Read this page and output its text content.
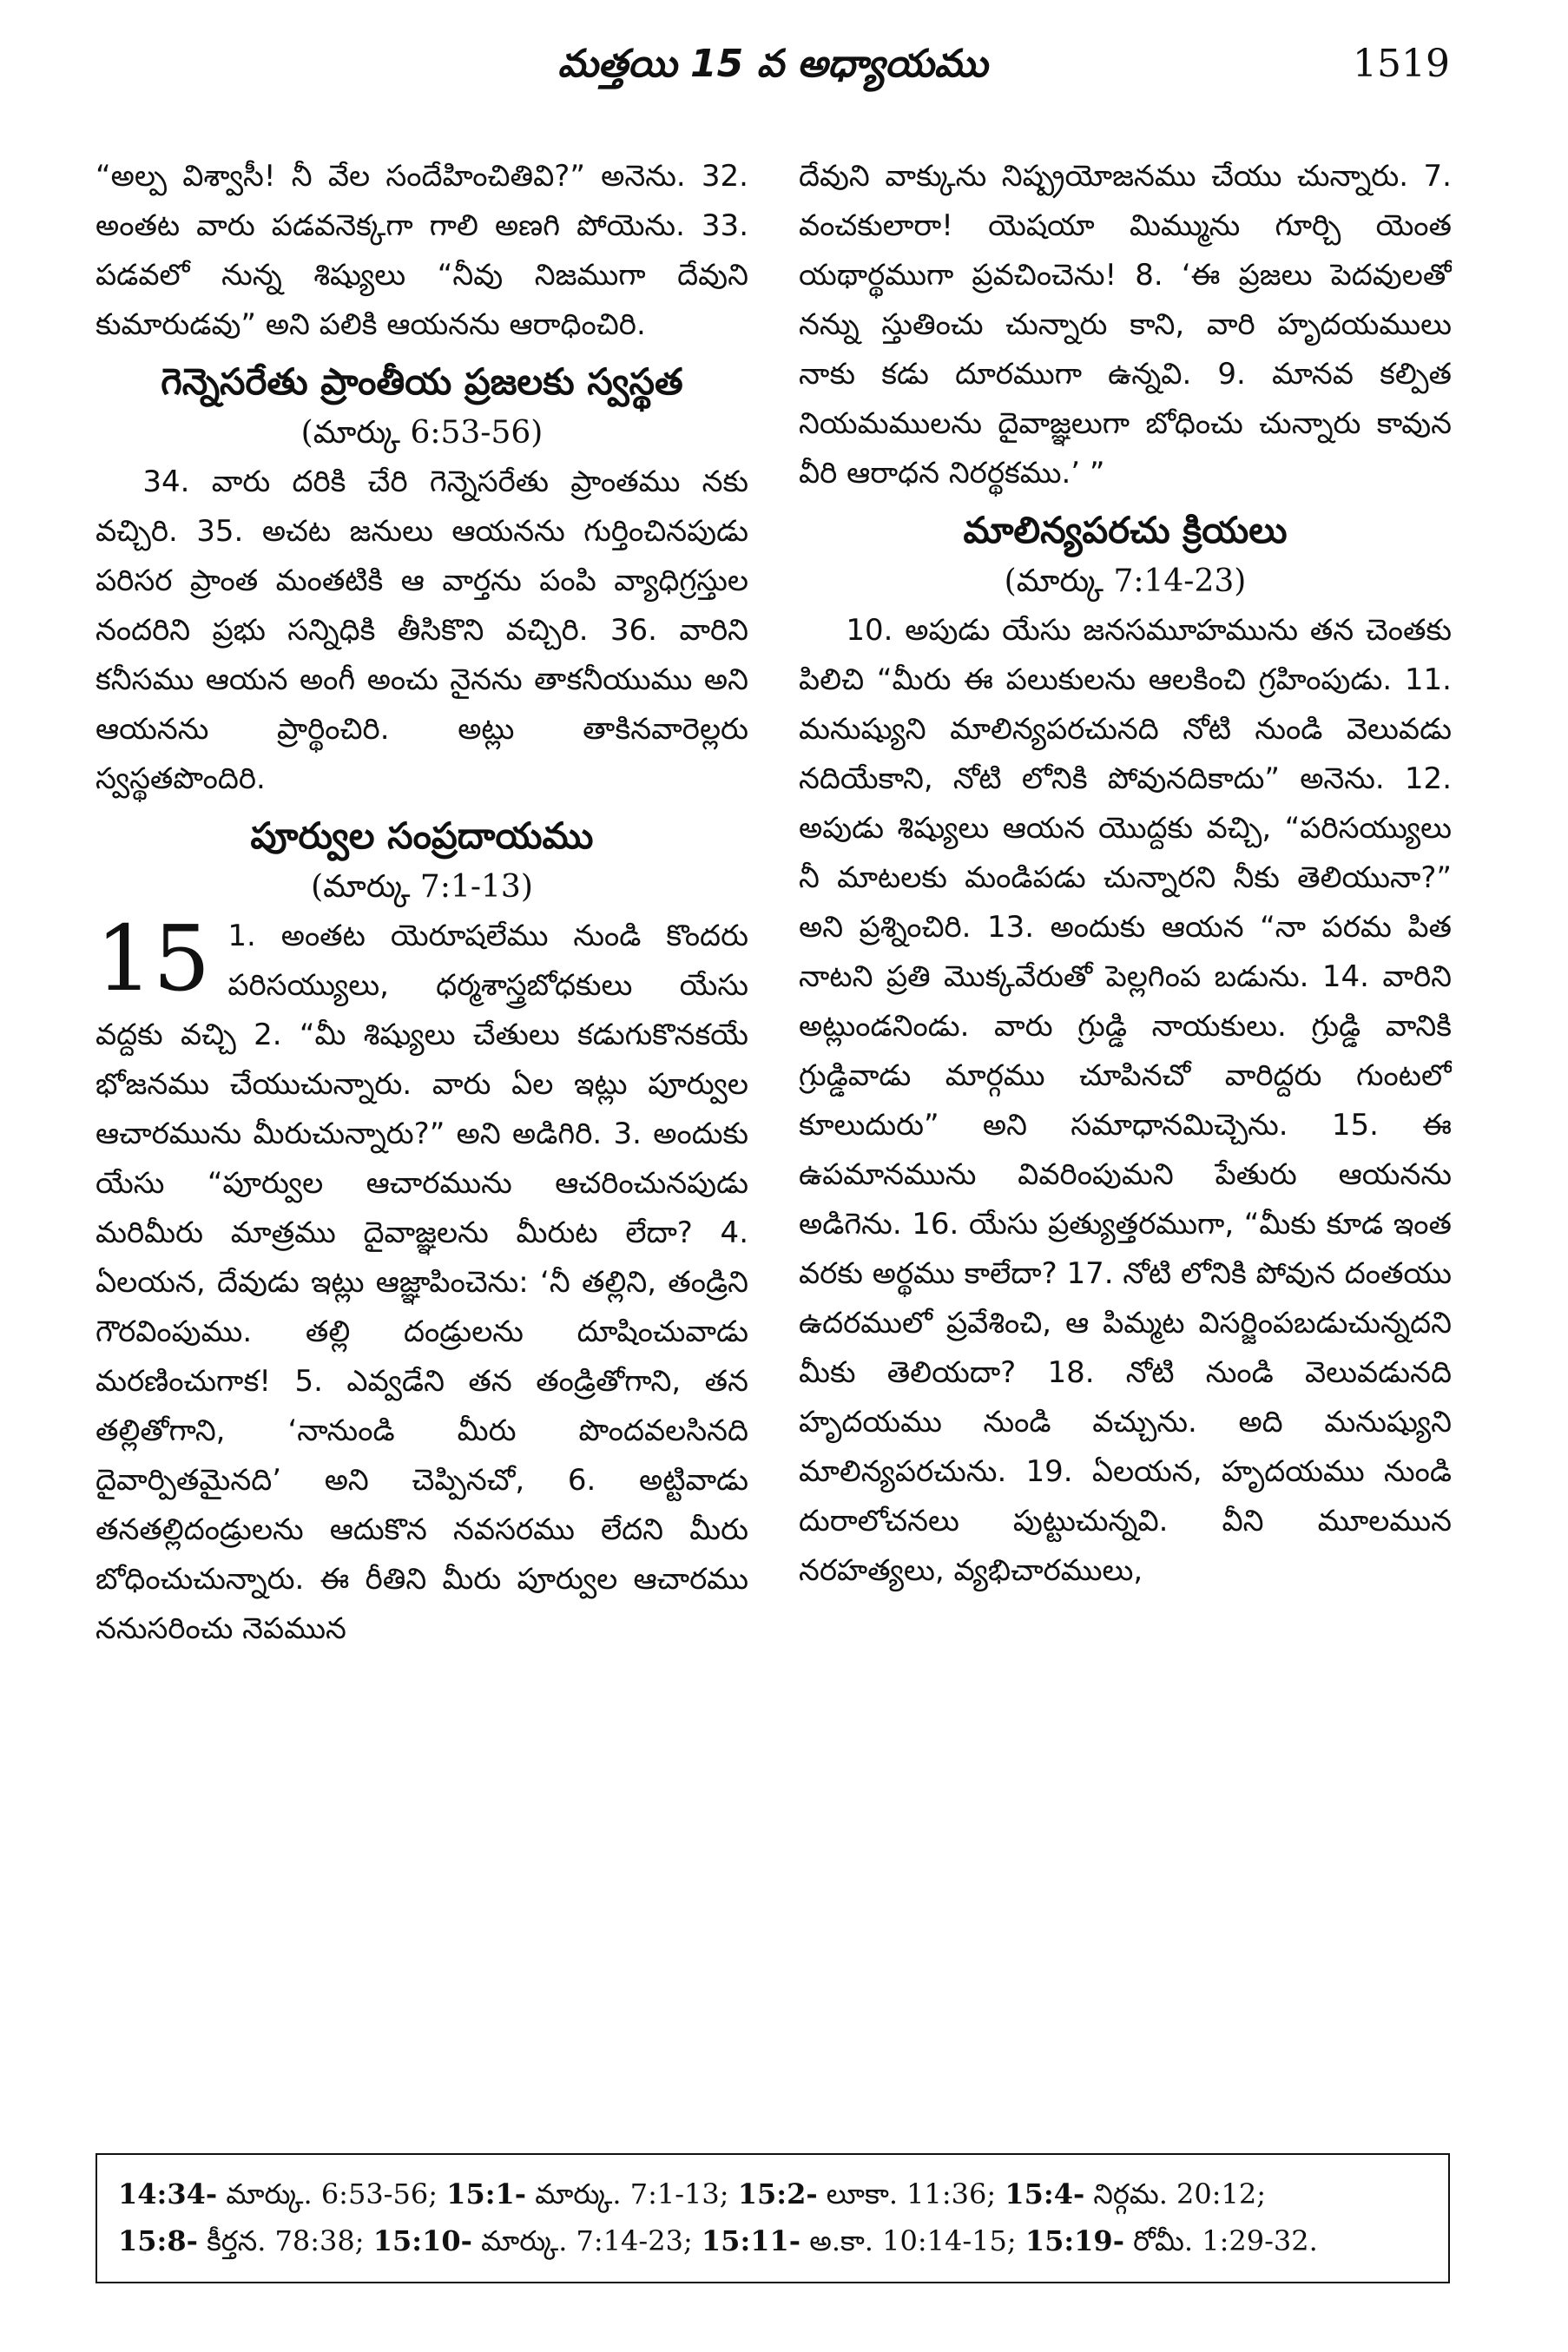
మత్తయి 15 వ అధ్యాయము	1519

“అల్ప విశ్వాసీ! నీ వేల సందేహించితివి?” అనెను. 32. అంతట వారు పడవనెక్కగా గాలి అణగి పోయెను. 33. పడవలో నున్న శిష్యులు “నీవు నిజముగా దేవుని కుమారుడవు” అని పలికి ఆయనను ఆరాధించిరి.

గెన్నెసరేతు ప్రాంతీయ ప్రజలకు స్వస్థత
(మార్కు 6:53-56)

34. వారు దరికి చేరి గెన్నెసరేతు ప్రాంతము నకు వచ్చిరి. 35. అచట జనులు ఆయనను గుర్తించినపుడు పరిసర ప్రాంత మంతటికి ఆ వార్తను పంపి వ్యాధిగ్రస్తుల నందరిని ప్రభు సన్నిధికి తీసికొని వచ్చిరి. 36. వారిని కనీసము ఆయన అంగీ అంచు నైనను తాకనీయుము అని ఆయనను ప్రార్థించిరి. అట్లు తాకినవారెల్లరు స్వస్థతపొందిరి.

పూర్వుల సంప్రదాయము
(మార్కు 7:1-13)
15 1. అంతట యెరూషలేము నుండి కొందరు పరిసయ్యులు, ధర్మశాస్త్రబోధకులు యేసు వద్దకు వచ్చి 2. “మీ శిష్యులు చేతులు కడుగుకొనకయే భోజనము చేయుచున్నారు. వారు ఏల ఇట్లు పూర్వుల ఆచారమును మీరుచున్నారు?” అని అడిగిరి. 3. అందుకు యేసు “పూర్వుల ఆచారమును ఆచరించునపుడు మరిమీరు మాత్రము దైవాజ్ఞలను మీరుట లేదా? 4. ఏలయన, దేవుడు ఇట్లు ఆజ్ఞాపించెను: ‘నీ తల్లిని, తండ్రిని గౌరవింపుము. తల్లి దండ్రులను దూషించువాడు మరణించుగాక! 5. ఎవ్వడేని తన తండ్రితోగాని, తన తల్లితోగాని, ‘నానుండి మీరు పొందవలసినది దైవార్పితమైనది’ అని చెప్పినచో, 6. అట్టివాడు తనతల్లిదండ్రులను ఆదుకొన నవసరము లేదని మీరు బోధించుచున్నారు. ఈ రీతిని మీరు పూర్వుల ఆచారము ననుసరించు నెపమున

దేవుని వాక్కును నిష్ప్రయోజనము చేయు చున్నారు. 7. వంచకులారా! యెషయా మిమ్మును గూర్చి యెంత యథార్థముగా ప్రవచించెను! 8. ‘ఈ ప్రజలు పెదవులతో నన్ను స్తుతించు చున్నారు కాని, వారి హృదయములు నాకు కడు దూరముగా ఉన్నవి. 9. మానవ కల్పిత నియమములను దైవాజ్ఞలుగా బోధించు చున్నారు కావున వీరి ఆరాధన నిరర్థకము.’ ”

మాలిన్యపరచు క్రియలు
(మార్కు 7:14-23)

10. అపుడు యేసు జనసమూహమును తన చెంతకు పిలిచి “మీరు ఈ పలుకులను ఆలకించి గ్రహింపుడు. 11. మనుష్యుని మాలిన్యపరచునది నోటి నుండి వెలువడు నదియేకాని, నోటి లోనికి పోవునదికాదు” అనెను. 12. అపుడు శిష్యులు ఆయన యొద్దకు వచ్చి, “పరిసయ్యులు నీ మాటలకు మండిపడు చున్నారని నీకు తెలియునా?” అని ప్రశ్నించిరి. 13. అందుకు ఆయన “నా పరమ పిత నాటని ప్రతి మొక్కవేరుతో పెల్లగింప బడును. 14. వారిని అట్లుండనిండు. వారు గ్రుడ్డి నాయకులు. గ్రుడ్డి వానికి గ్రుడ్డివాడు మార్గము చూపినచో వారిద్దరు గుంటలో కూలుదురు” అని సమాధానమిచ్చెను. 15. ఈ ఉపమానమును వివరింపుమని పేతురు ఆయనను అడిగెను. 16. యేసు ప్రత్యుత్తరముగా, “మీకు కూడ ఇంత వరకు అర్థము కాలేదా? 17. నోటి లోనికి పోవున దంతయు ఉదరములో ప్రవేశించి, ఆ పిమ్మట విసర్జింపబడుచున్నదని మీకు తెలియదా? 18. నోటి నుండి వెలువడునది హృదయము నుండి వచ్చును. అది మనుష్యుని మాలిన్యపరచును. 19. ఏలయన, హృదయము నుండి దురాలోచనలు పుట్టుచున్నవి. వీని మూలమున నరహత్యలు, వ్యభిచారములు,

14:34- మార్కు. 6:53-56; 15:1- మార్కు. 7:1-13; 15:2- లూకా. 11:36; 15:4- నిర్గమ. 20:12;
15:8- కీర్తన. 78:38; 15:10- మార్కు. 7:14-23; 15:11- అ.కా. 10:14-15; 15:19- రోమీ. 1:29-32.
